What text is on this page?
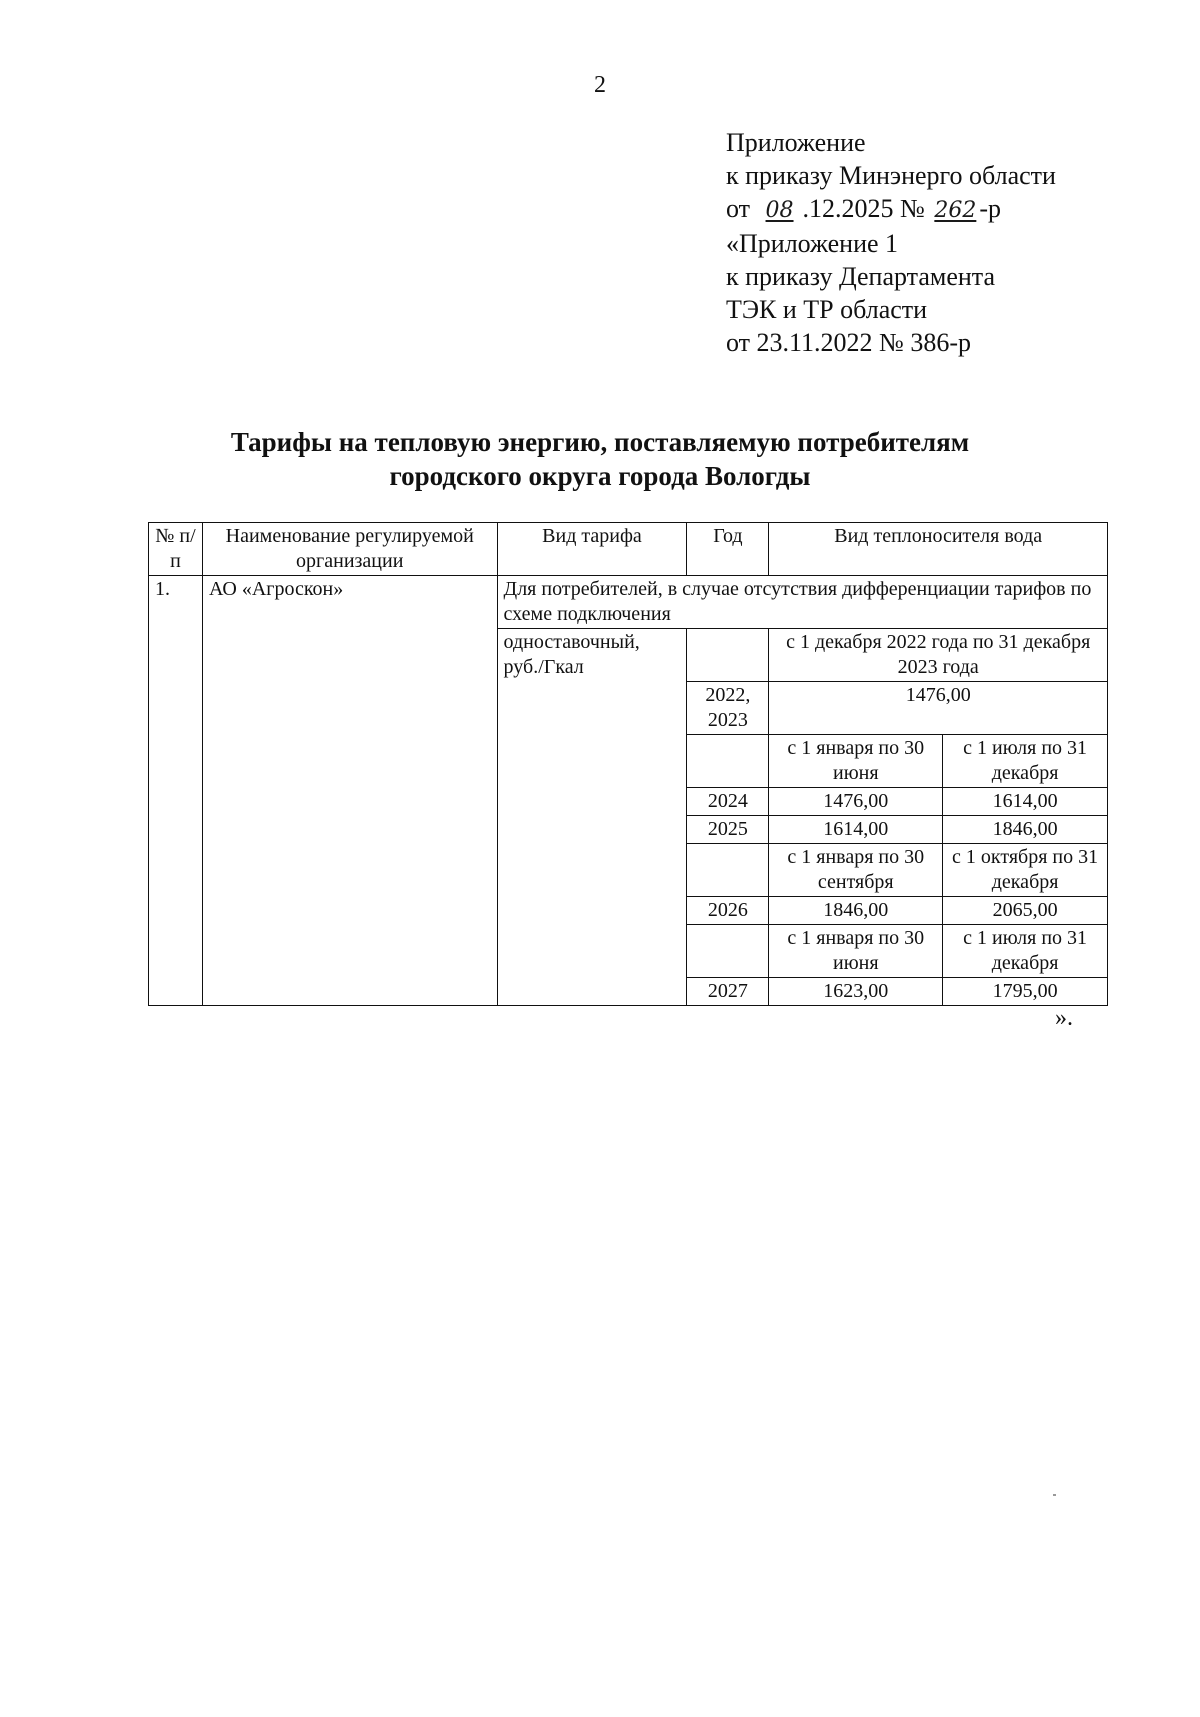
2
Приложение
к приказу Минэнерго области
от 08 .12.2025 № 262 -р
«Приложение 1
к приказу Департамента
ТЭК и ТР области
от 23.11.2022 № 386-р
Тарифы на тепловую энергию, поставляемую потребителям
городского округа города Вологды
№ п/п	Наименование регулируемой организации	Вид тарифа	Год	Вид теплоносителя вода	
1.	АО «Агроскон»	Для потребителей, в случае отсутствия дифференциации тарифов по схеме подключения			
		одноставочный, руб./Гкал		с 1 декабря 2022 года по 31 декабря 2023 года	
			2022, 2023	1476,00	
				с 1 января по 30 июня	с 1 июля по 31 декабря
			2024	1476,00	1614,00
			2025	1614,00	1846,00
				с 1 января по 30 сентября	с 1 октября по 31 декабря
			2026	1846,00	2065,00
				с 1 января по 30 июня	с 1 июля по 31 декабря
			2027	1623,00	1795,00
».
